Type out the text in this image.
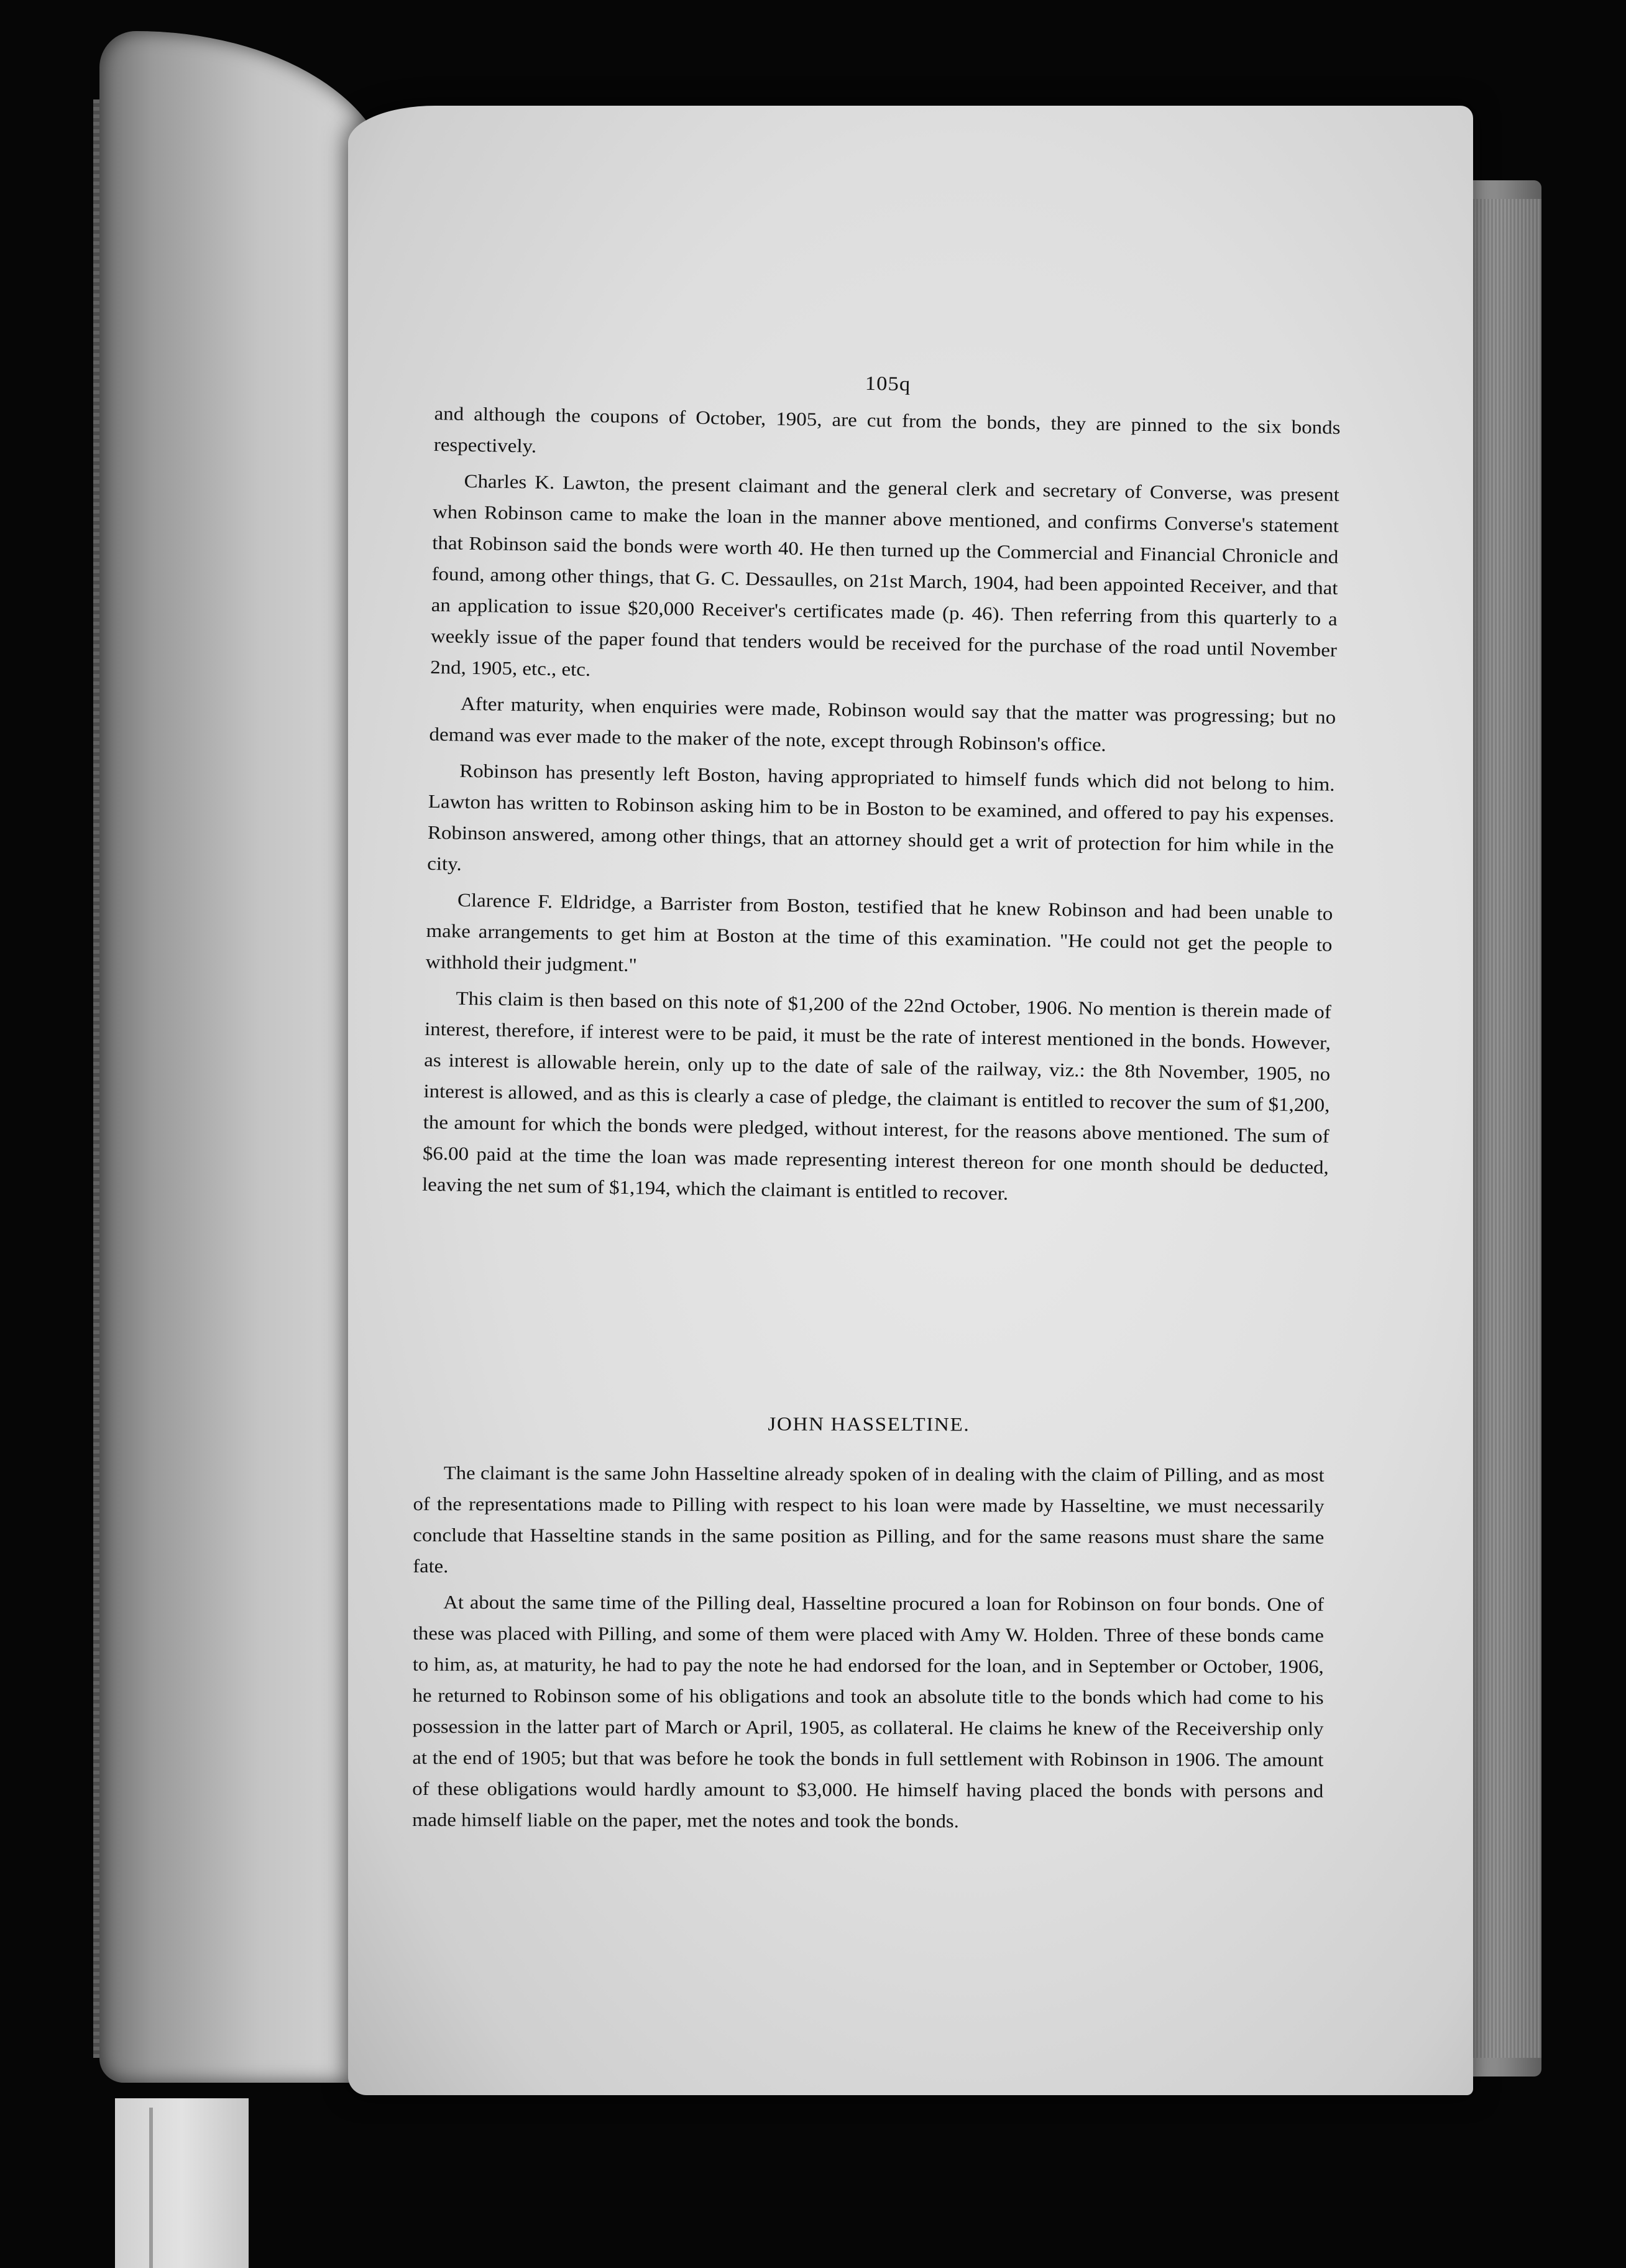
105q

and although the coupons of October, 1905, are cut from the bonds, they are pinned to the six bonds respectively.

Charles K. Lawton, the present claimant and the general clerk and secretary of Converse, was present when Robinson came to make the loan in the manner above mentioned, and confirms Converse's statement that Robinson said the bonds were worth 40. He then turned up the Commercial and Financial Chronicle and found, among other things, that G. C. Dessaulles, on 21st March, 1904, had been appointed Receiver, and that an application to issue $20,000 Receiver's certificates made (p. 46). Then referring from this quarterly to a weekly issue of the paper found that tenders would be received for the purchase of the road until November 2nd, 1905, etc., etc.

After maturity, when enquiries were made, Robinson would say that the matter was progressing; but no demand was ever made to the maker of the note, except through Robinson's office.

Robinson has presently left Boston, having appropriated to himself funds which did not belong to him. Lawton has written to Robinson asking him to be in Boston to be examined, and offered to pay his expenses. Robinson answered, among other things, that an attorney should get a writ of protection for him while in the city.

Clarence F. Eldridge, a Barrister from Boston, testified that he knew Robinson and had been unable to make arrangements to get him at Boston at the time of this examination. "He could not get the people to withhold their judgment."

This claim is then based on this note of $1,200 of the 22nd October, 1906. No mention is therein made of interest, therefore, if interest were to be paid, it must be the rate of interest mentioned in the bonds. However, as interest is allowable herein, only up to the date of sale of the railway, viz.: the 8th November, 1905, no interest is allowed, and as this is clearly a case of pledge, the claimant is entitled to recover the sum of $1,200, the amount for which the bonds were pledged, without interest, for the reasons above mentioned. The sum of $6.00 paid at the time the loan was made representing interest thereon for one month should be deducted, leaving the net sum of $1,194, which the claimant is entitled to recover.

JOHN HASSELTINE.

The claimant is the same John Hasseltine already spoken of in dealing with the claim of Pilling, and as most of the representations made to Pilling with respect to his loan were made by Hasseltine, we must necessarily conclude that Hasseltine stands in the same position as Pilling, and for the same reasons must share the same fate.

At about the same time of the Pilling deal, Hasseltine procured a loan for Robinson on four bonds. One of these was placed with Pilling, and some of them were placed with Amy W. Holden. Three of these bonds came to him, as, at maturity, he had to pay the note he had endorsed for the loan, and in September or October, 1906, he returned to Robinson some of his obligations and took an absolute title to the bonds which had come to his possession in the latter part of March or April, 1905, as collateral. He claims he knew of the Receivership only at the end of 1905; but that was before he took the bonds in full settlement with Robinson in 1906. The amount of these obligations would hardly amount to $3,000. He himself having placed the bonds with persons and made himself liable on the paper, met the notes and took the bonds.
